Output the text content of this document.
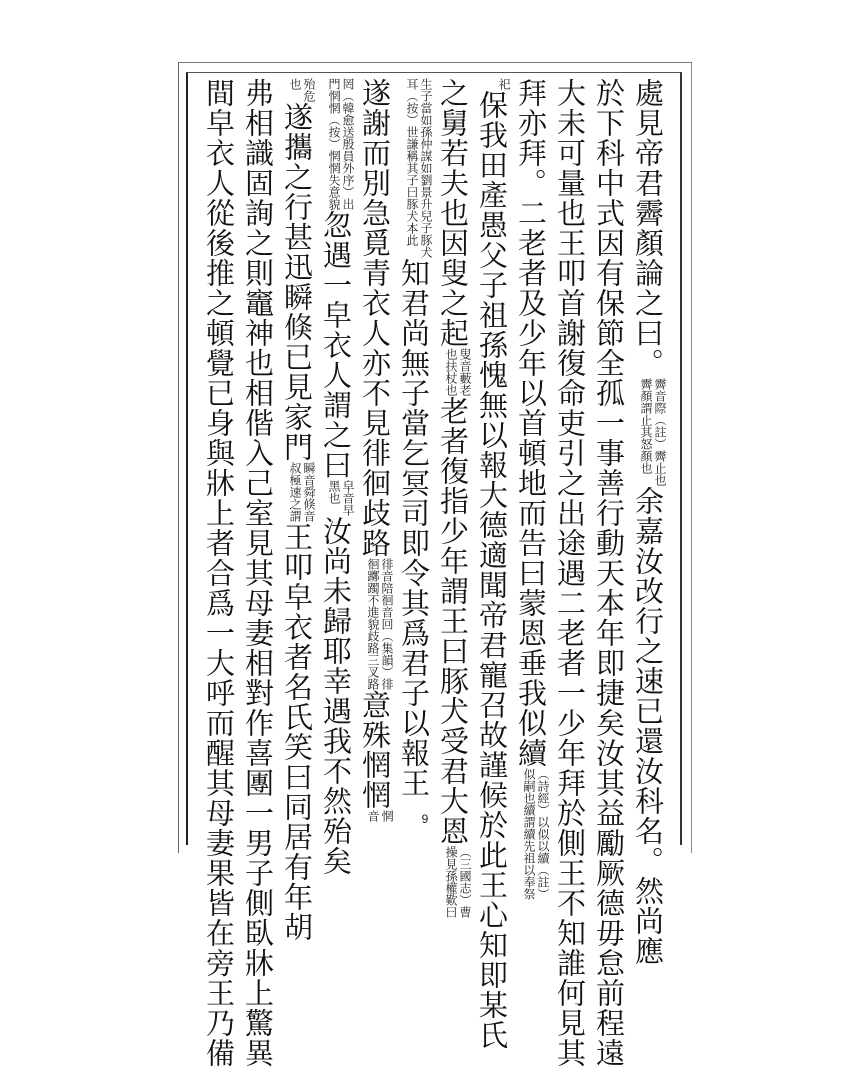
處見帝君霽顏論之曰。
霽音際（註）霽止也
霽顏謂止其怒顏也
余嘉汝改行之速已還汝科名。然尚應
於下科中式因有保節全孤一事善行動天本年即捷矣汝其益勵厥德毋怠前程遠
大未可量也王叩首謝復命吏引之出途遇二老者一少年拜於側王不知誰何見其
拜亦拜。二老者及少年以首頓地而告曰蒙恩垂我似續
（詩經）以似以續（註）
似嗣也續謂續先祖以奉祭
祀
保我田產愚父子祖孫愧無以報大德適聞帝君寵召故謹候於此王心知即某氏
之舅若夫也因叟之起
叟音藪老
也扶杖也
老者復指少年謂王曰豚犬受君大恩
（三國志）曹
操見孫權歎曰
生子當如孫仲謀如劉景升兒子豚犬
耳（按）世謙稱其子曰豚犬本此
知君尚無子當乞冥司即令其爲君子以報王
遂謝而別急覓青衣人亦不見徘徊歧路
徘音陪徊音回（集韻）徘
徊躑躅不進貌歧路三叉路
意殊惘惘
惘
音
罔（韓愈送殷員外序）出
門惘惘（按）惘惘失意貌
忽遇一皁衣人謂之曰
皁音早
黑也
汝尚未歸耶幸遇我不然殆矣
殆危
也
遂攜之行甚迅瞬倏已見家門
瞬音舜倏音
叔極速之謂
王叩皁衣者名氏笑曰同居有年胡
弗相識固詢之則竈神也相偕入己室見其母妻相對作喜團一男子側臥牀上驚異
間皁衣人從後推之頓覺已身與牀上者合爲一大呼而醒其母妻果皆在旁王乃備	9
